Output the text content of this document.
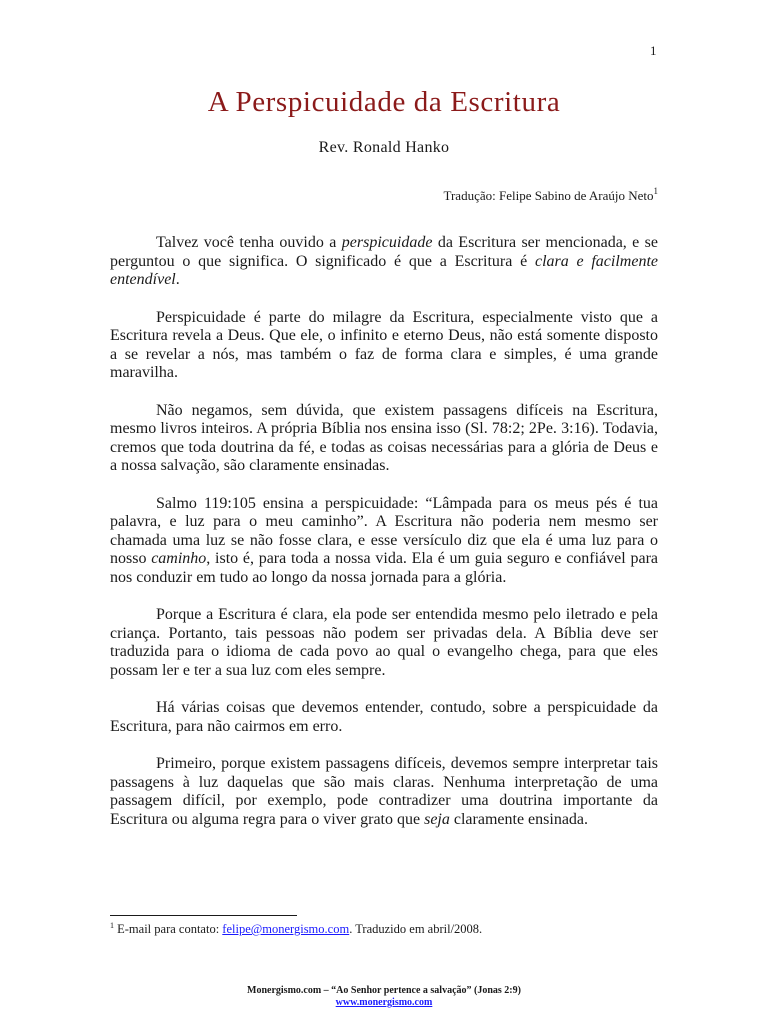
1
A Perspicuidade da Escritura
Rev. Ronald Hanko
Tradução: Felipe Sabino de Araújo Neto$^1$

Talvez você tenha ouvido a perspicuidade da Escritura ser mencionada, e se perguntou o que significa. O significado é que a Escritura é clara e facilmente entendível.

Perspicuidade é parte do milagre da Escritura, especialmente visto que a Escritura revela a Deus. Que ele, o infinito e eterno Deus, não está somente disposto a se revelar a nós, mas também o faz de forma clara e simples, é uma grande maravilha.

Não negamos, sem dúvida, que existem passagens difíceis na Escritura, mesmo livros inteiros. A própria Bíblia nos ensina isso (Sl. 78:2; 2Pe. 3:16). Todavia, cremos que toda doutrina da fé, e todas as coisas necessárias para a glória de Deus e a nossa salvação, são claramente ensinadas.

Salmo 119:105 ensina a perspicuidade: “Lâmpada para os meus pés é tua palavra, e luz para o meu caminho”. A Escritura não poderia nem mesmo ser chamada uma luz se não fosse clara, e esse versículo diz que ela é uma luz para o nosso caminho, isto é, para toda a nossa vida. Ela é um guia seguro e confiável para nos conduzir em tudo ao longo da nossa jornada para a glória.

Porque a Escritura é clara, ela pode ser entendida mesmo pelo iletrado e pela criança. Portanto, tais pessoas não podem ser privadas dela. A Bíblia deve ser traduzida para o idioma de cada povo ao qual o evangelho chega, para que eles possam ler e ter a sua luz com eles sempre.

Há várias coisas que devemos entender, contudo, sobre a perspicuidade da Escritura, para não cairmos em erro.

Primeiro, porque existem passagens difíceis, devemos sempre interpretar tais passagens à luz daquelas que são mais claras. Nenhuma interpretação de uma passagem difícil, por exemplo, pode contradizer uma doutrina importante da Escritura ou alguma regra para o viver grato que seja claramente ensinada.

$^1$ E-mail para contato: felipe@monergismo.com. Traduzido em abril/2008.
Monergismo.com – “Ao Senhor pertence a salvação” (Jonas 2:9)
www.monergismo.com
